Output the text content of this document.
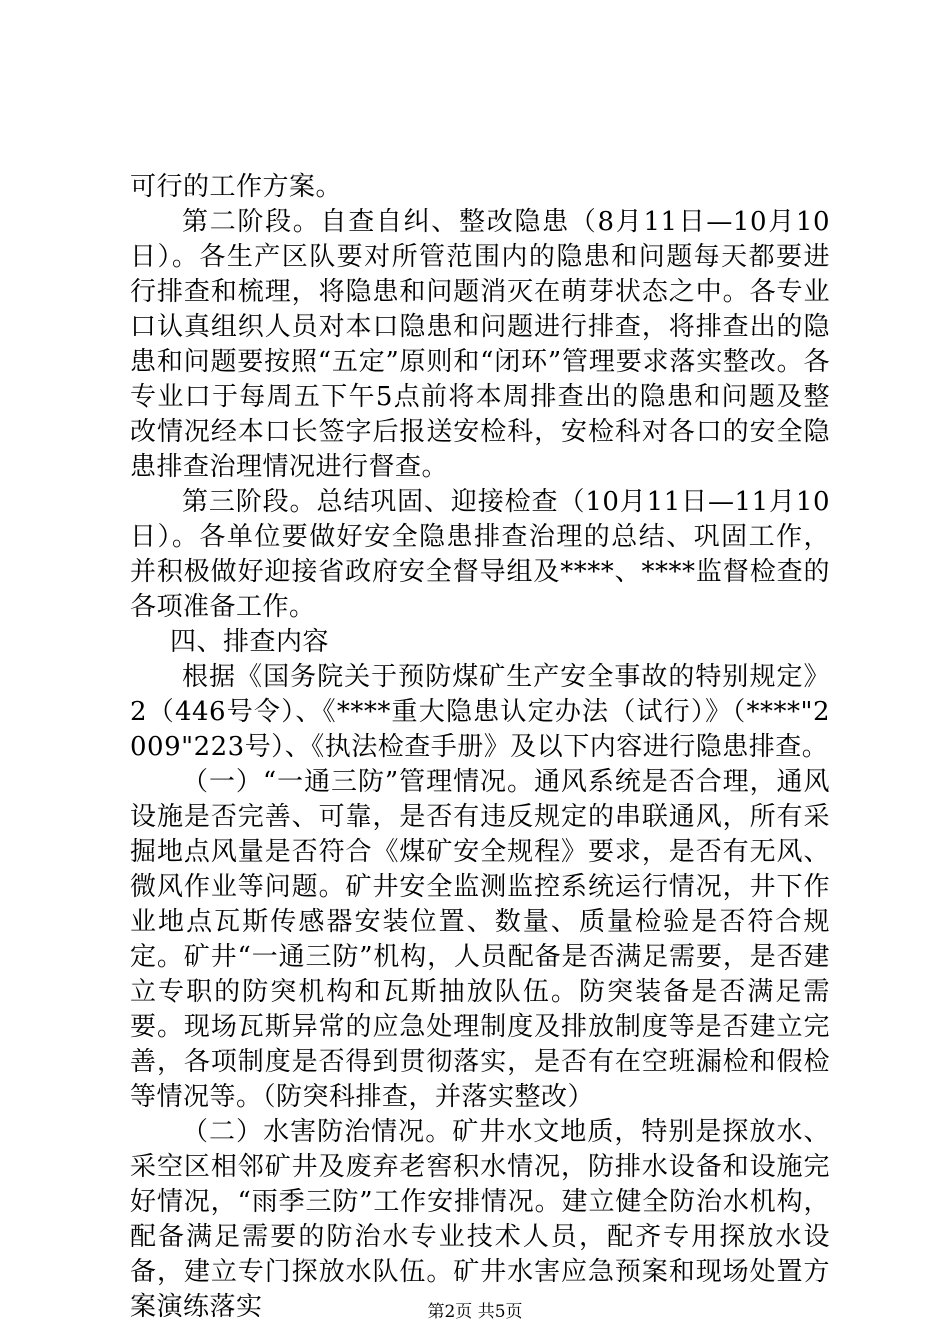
可行的工作方案。

第二阶段。自查自纠、整改隐患（8月11日—10月10日）。各生产区队要对所管范围内的隐患和问题每天都要进行排查和梳理，将隐患和问题消灭在萌芽状态之中。各专业口认真组织人员对本口隐患和问题进行排查，将排查出的隐患和问题要按照“五定”原则和“闭环”管理要求落实整改。各专业口于每周五下午5点前将本周排查出的隐患和问题及整改情况经本口长签字后报送安检科，安检科对各口的安全隐患排查治理情况进行督查。

第三阶段。总结巩固、迎接检查（10月11日—11月10日）。各单位要做好安全隐患排查治理的总结、巩固工作，并积极做好迎接省政府安全督导组及****、****监督检查的各项准备工作。

四、排查内容

根据《国务院关于预防煤矿生产安全事故的特别规定》2（446号令）、《****重大隐患认定办法（试行）》（****"2009"223号）、《执法检查手册》及以下内容进行隐患排查。

（一）“一通三防”管理情况。通风系统是否合理，通风设施是否完善、可靠，是否有违反规定的串联通风，所有采掘地点风量是否符合《煤矿安全规程》要求，是否有无风、微风作业等问题。矿井安全监测监控系统运行情况，井下作业地点瓦斯传感器安装位置、数量、质量检验是否符合规定。矿井“一通三防”机构，人员配备是否满足需要，是否建立专职的防突机构和瓦斯抽放队伍。防突装备是否满足需要。现场瓦斯异常的应急处理制度及排放制度等是否建立完善，各项制度是否得到贯彻落实，是否有在空班漏检和假检等情况等。（防突科排查，并落实整改）

（二）水害防治情况。矿井水文地质，特别是探放水、采空区相邻矿井及废弃老窖积水情况，防排水设备和设施完好情况，“雨季三防”工作安排情况。建立健全防治水机构，配备满足需要的防治水专业技术人员，配齐专用探放水设备，建立专门探放水队伍。矿井水害应急预案和现场处置方案演练落实	第2页 共5页
